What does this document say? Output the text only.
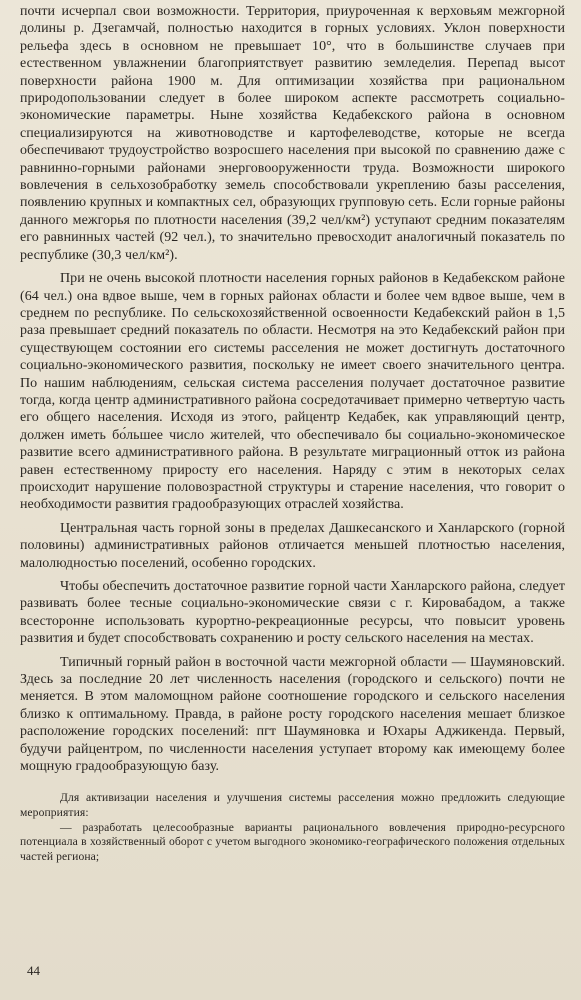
почти исчерпал свои возможности. Территория, приуроченная к верховьям межгорной долины р. Дзегамчай, полностью находится в горных условиях. Уклон поверхности рельефа здесь в основном не превышает 10°, что в большинстве случаев при естественном увлажнении благоприятствует развитию земледелия. Перепад высот поверхности района 1900 м. Для оптимизации хозяйства при рациональном природопользовании следует в более широком аспекте рассмотреть социально-экономические параметры. Ныне хозяйства Кедабекского района в основном специализируются на животноводстве и картофелеводстве, которые не всегда обеспечивают трудоустройство возросшего населения при высокой по сравнению даже с равнинно-горными районами энерговооруженности труда. Возможности широкого вовлечения в сельхозобработку земель способствовали укреплению базы расселения, появлению крупных и компактных сел, образующих групповую сеть. Если горные районы данного межгорья по плотности населения (39,2 чел/км²) уступают средним показателям его равнинных частей (92 чел.), то значительно превосходит аналогичный показатель по республике (30,3 чел/км²).

При не очень высокой плотности населения горных районов в Кедабекском районе (64 чел.) она вдвое выше, чем в горных районах области и более чем вдвое выше, чем в среднем по республике. По сельскохозяйственной освоенности Кедабекский район в 1,5 раза превышает средний показатель по области. Несмотря на это Кедабекский район при существующем состоянии его системы расселения не может достигнуть достаточного социально-экономического развития, поскольку не имеет своего значительного центра. По нашим наблюдениям, сельская система расселения получает достаточное развитие тогда, когда центр административного района сосредотачивает примерно четвертую часть его общего населения. Исходя из этого, райцентр Кедабек, как управляющий центр, должен иметь бо́льшее число жителей, что обеспечивало бы социально-экономическое развитие всего административного района. В результате миграционный отток из района равен естественному приросту его населения. Наряду с этим в некоторых селах происходит нарушение половозрастной структуры и старение населения, что говорит о необходимости развития градообразующих отраслей хозяйства.

Центральная часть горной зоны в пределах Дашкесанского и Ханларского (горной половины) административных районов отличается меньшей плотностью населения, малолюдностью поселений, особенно городских.

Чтобы обеспечить достаточное развитие горной части Ханларского района, следует развивать более тесные социально-экономические связи с г. Кировабадом, а также всесторонне использовать курортно-рекреационные ресурсы, что повысит уровень развития и будет способствовать сохранению и росту сельского населения на местах.

Типичный горный район в восточной части межгорной области — Шаумяновский. Здесь за последние 20 лет численность населения (городского и сельского) почти не меняется. В этом маломощном районе соотношение городского и сельского населения близко к оптимальному. Правда, в районе росту городского населения мешает близкое расположение городских поселений: пгт Шаумяновка и Юхары Аджикенда. Первый, будучи райцентром, по численности населения уступает второму как имеющему более мощную градообразующую базу.

Для активизации населения и улучшения системы расселения можно предложить следующие мероприятия:

— разработать целесообразные варианты рационального вовлечения природно-ресурсного потенциала в хозяйственный оборот с учетом выгодного экономико-географического положения отдельных частей региона;

44
